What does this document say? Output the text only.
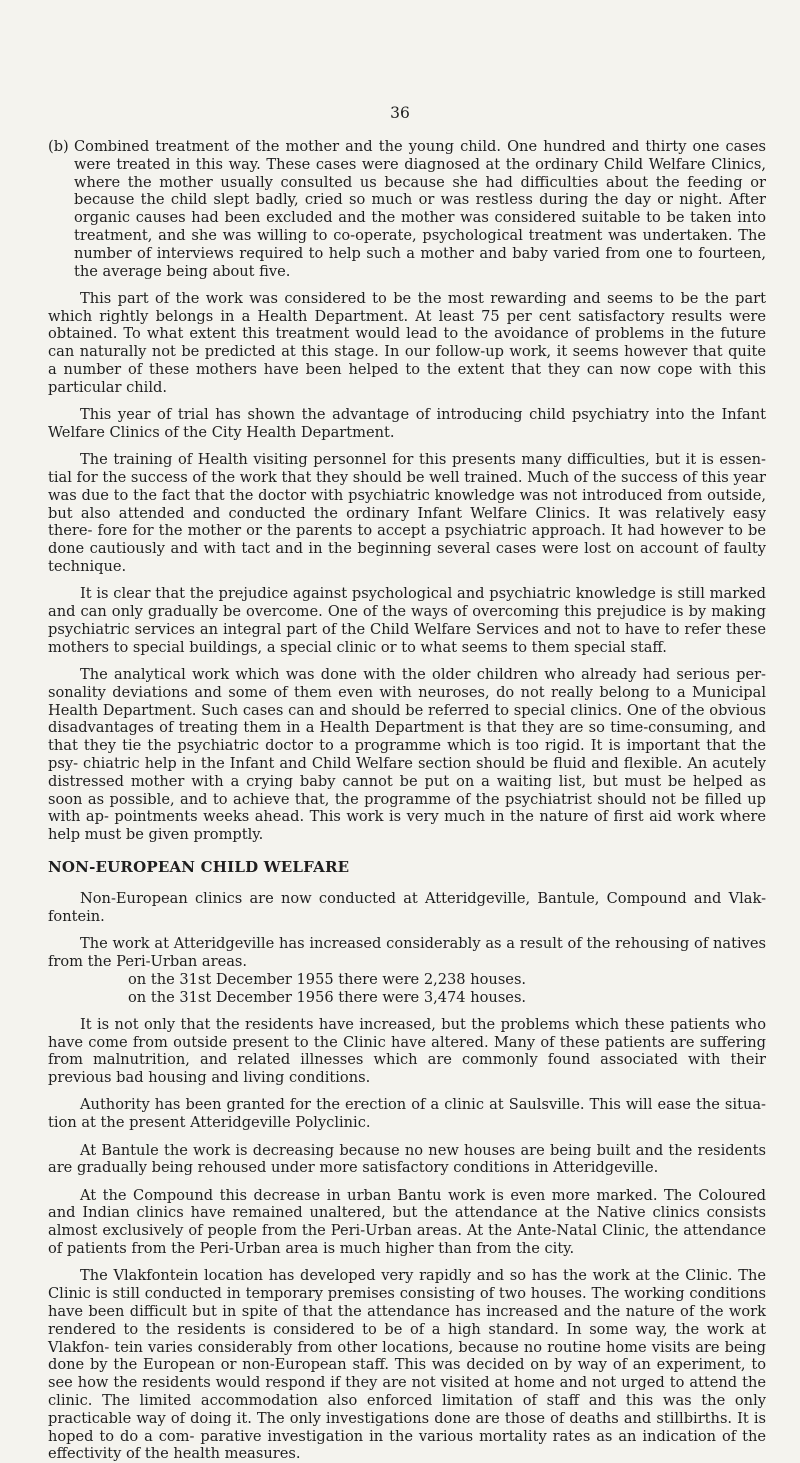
36

(b) Combined treatment of the mother and the young child. One hundred and thirty one cases were treated in this way. These cases were diagnosed at the ordinary Child Welfare Clinics, where the mother usually consulted us because she had difficulties about the feeding or because the child slept badly, cried so much or was restless during the day or night. After organic causes had been excluded and the mother was considered suitable to be taken into treatment, and she was willing to co-operate, psychological treatment was undertaken. The number of interviews required to help such a mother and baby varied from one to fourteen, the average being about five.

This part of the work was considered to be the most rewarding and seems to be the part which rightly belongs in a Health Department. At least 75 per cent satisfactory results were obtained. To what extent this treatment would lead to the avoidance of problems in the future can naturally not be predicted at this stage. In our follow-up work, it seems however that quite a number of these mothers have been helped to the extent that they can now cope with this particular child.

This year of trial has shown the advantage of introducing child psychiatry into the Infant Welfare Clinics of the City Health Department.

The training of Health visiting personnel for this presents many difficulties, but it is essen- tial for the success of the work that they should be well trained. Much of the success of this year was due to the fact that the doctor with psychiatric knowledge was not introduced from outside, but also attended and conducted the ordinary Infant Welfare Clinics. It was relatively easy there- fore for the mother or the parents to accept a psychiatric approach. It had however to be done cautiously and with tact and in the beginning several cases were lost on account of faulty technique.

It is clear that the prejudice against psychological and psychiatric knowledge is still marked and can only gradually be overcome. One of the ways of overcoming this prejudice is by making psychiatric services an integral part of the Child Welfare Services and not to have to refer these mothers to special buildings, a special clinic or to what seems to them special staff.

The analytical work which was done with the older children who already had serious per- sonality deviations and some of them even with neuroses, do not really belong to a Municipal Health Department. Such cases can and should be referred to special clinics. One of the obvious disadvantages of treating them in a Health Department is that they are so time-consuming, and that they tie the psychiatric doctor to a programme which is too rigid. It is important that the psy- chiatric help in the Infant and Child Welfare section should be fluid and flexible. An acutely distressed mother with a crying baby cannot be put on a waiting list, but must be helped as soon as possible, and to achieve that, the programme of the psychiatrist should not be filled up with ap- pointments weeks ahead. This work is very much in the nature of first aid work where help must be given promptly.

NON-EUROPEAN CHILD WELFARE

Non-European clinics are now conducted at Atteridgeville, Bantule, Compound and Vlak- fontein.

The work at Atteridgeville has increased considerably as a result of the rehousing of natives from the Peri-Urban areas.

on the 31st December 1955 there were 2,238 houses.
on the 31st December 1956 there were 3,474 houses.

It is not only that the residents have increased, but the problems which these patients who have come from outside present to the Clinic have altered. Many of these patients are suffering from malnutrition, and related illnesses which are commonly found associated with their previous bad housing and living conditions.

Authority has been granted for the erection of a clinic at Saulsville. This will ease the situa- tion at the present Atteridgeville Polyclinic.

At Bantule the work is decreasing because no new houses are being built and the residents are gradually being rehoused under more satisfactory conditions in Atteridgeville.

At the Compound this decrease in urban Bantu work is even more marked. The Coloured and Indian clinics have remained unaltered, but the attendance at the Native clinics consists almost exclusively of people from the Peri-Urban areas. At the Ante-Natal Clinic, the attendance of patients from the Peri-Urban area is much higher than from the city.

The Vlakfontein location has developed very rapidly and so has the work at the Clinic. The Clinic is still conducted in temporary premises consisting of two houses. The working conditions have been difficult but in spite of that the attendance has increased and the nature of the work rendered to the residents is considered to be of a high standard. In some way, the work at Vlakfon- tein varies considerably from other locations, because no routine home visits are being done by the European or non-European staff. This was decided on by way of an experiment, to see how the residents would respond if they are not visited at home and not urged to attend the clinic. The limited accommodation also enforced limitation of staff and this was the only practicable way of doing it. The only investigations done are those of deaths and stillbirths. It is hoped to do a com- parative investigation in the various mortality rates as an indication of the effectivity of the health measures.
